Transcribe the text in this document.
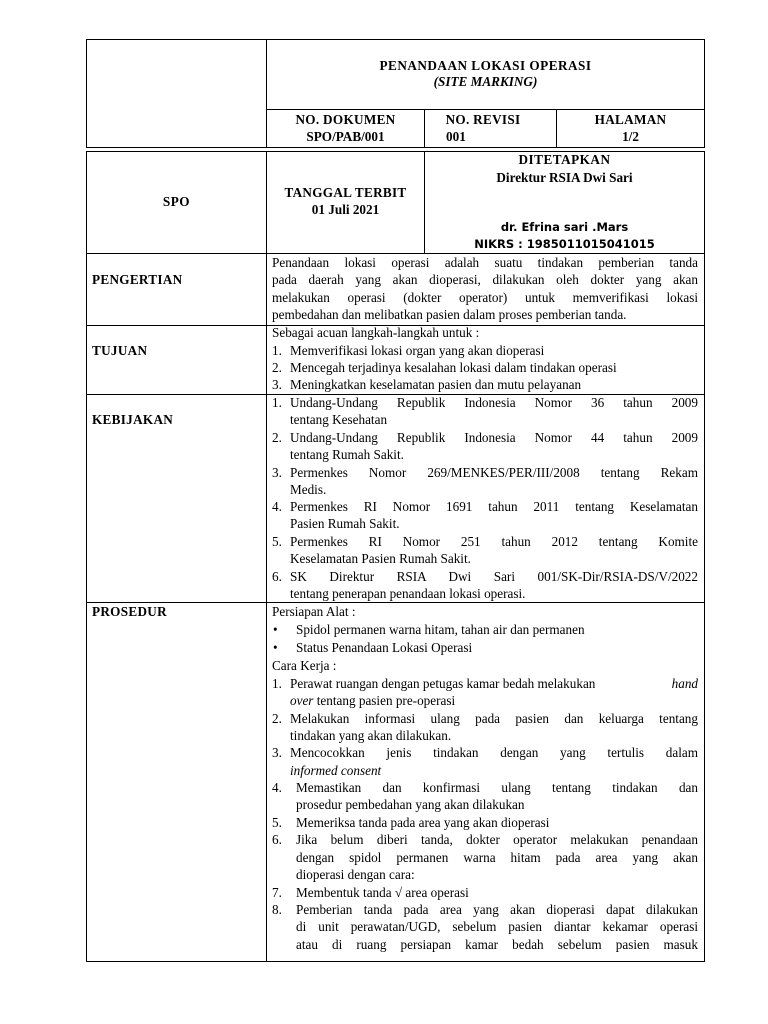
PENANDAAN LOKASI OPERASI
(SITE MARKING)
NO. DOKUMEN
SPO/PAB/001
NO. REVISI
001
HALAMAN
1/2
SPO
TANGGAL TERBIT
01 Juli 2021
DITETAPKAN
Direktur RSIA Dwi Sari
dr. Efrina sari .Mars
NIKRS : 1985011015041015
PENGERTIAN
Penandaan lokasi operasi adalah suatu tindakan pemberian tanda
pada daerah yang akan dioperasi, dilakukan oleh dokter yang akan
melakukan operasi (dokter operator) untuk memverifikasi lokasi
pembedahan dan melibatkan pasien dalam proses pemberian tanda.
TUJUAN
Sebagai acuan langkah-langkah untuk :
1. Memverifikasi lokasi organ yang akan dioperasi
2. Mencegah terjadinya kesalahan lokasi dalam tindakan operasi
3. Meningkatkan keselamatan pasien dan mutu pelayanan
KEBIJAKAN
1. Undang-Undang Republik Indonesia Nomor 36 tahun 2009
tentang Kesehatan
2. Undang-Undang Republik Indonesia Nomor 44 tahun 2009
tentang Rumah Sakit.
3. Permenkes Nomor 269/MENKES/PER/III/2008 tentang Rekam
Medis.
4. Permenkes RI Nomor 1691 tahun 2011 tentang Keselamatan
Pasien Rumah Sakit.
5. Permenkes RI Nomor 251 tahun 2012 tentang Komite
Keselamatan Pasien Rumah Sakit.
6. SK Direktur RSIA Dwi Sari 001/SK-Dir/RSIA-DS/V/2022
tentang penerapan penandaan lokasi operasi.
PROSEDUR	Persiapan Alat :
• Spidol permanen warna hitam, tahan air dan permanen
• Status Penandaan Lokasi Operasi
Cara Kerja :
1. Perawat ruangan dengan petugas kamar bedah melakukan	hand
over tentang pasien pre-operasi
2. Melakukan informasi ulang pada pasien dan keluarga tentang
tindakan yang akan dilakukan.
3. Mencocokkan jenis tindakan dengan yang tertulis dalam
informed consent
4. Memastikan dan konfirmasi ulang tentang tindakan dan
prosedur pembedahan yang akan dilakukan
5. Memeriksa tanda pada area yang akan dioperasi
6. Jika belum diberi tanda, dokter operator melakukan penandaan
dengan spidol permanen warna hitam pada area yang akan
dioperasi dengan cara:
7. Membentuk tanda √ area operasi
8. Pemberian tanda pada area yang akan dioperasi dapat dilakukan
di unit perawatan/UGD, sebelum pasien diantar kekamar operasi
atau di ruang persiapan kamar bedah sebelum pasien masuk
